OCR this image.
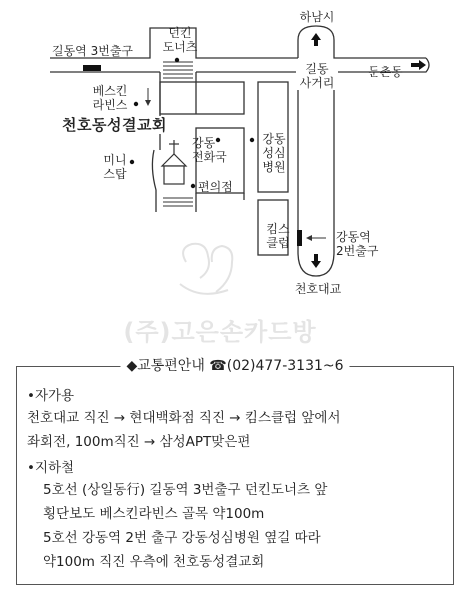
하남시
던킨
도너츠
길동역 3번출구
길동
사거리
둔촌동
베스킨
라빈스
천호동성결교회
강동
전화국
강동
성심
병원
미니
스탑
편의점
킴스
클럽	강동역
2번출구
천호대교
(주)고은손카드방
◆교통편안내 ☎(02)477-3131~6
•자가용
천호대교 직진 → 현대백화점 직진 → 킴스클럽 앞에서
좌회전, 100m직진 → 삼성APT맞은편
•지하철
5호선 (상일동行) 길동역 3번출구 던킨도너츠 앞
횡단보도 베스킨라빈스 골목 약100m
5호선 강동역 2번 출구 강동성심병원 옆길 따라
약100m 직진 우측에 천호동성결교회
